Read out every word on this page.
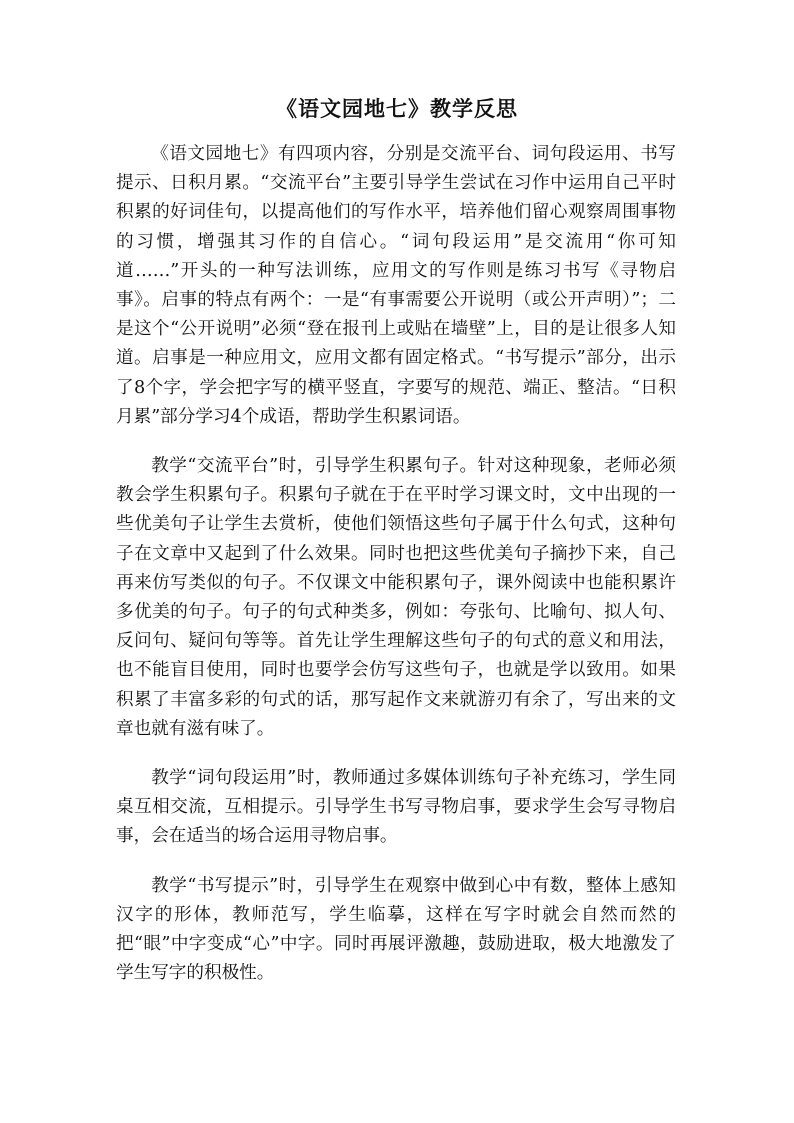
《语文园地七》教学反思

《语文园地七》有四项内容，分别是交流平台、词句段运用、书写提示、日积月累。“交流平台”主要引导学生尝试在习作中运用自己平时积累的好词佳句，以提高他们的写作水平，培养他们留心观察周围事物的习惯，增强其习作的自信心。“词句段运用”是交流用“你可知道……”开头的一种写法训练，应用文的写作则是练习书写《寻物启事》。启事的特点有两个：一是“有事需要公开说明（或公开声明）”；二是这个“公开说明”必须“登在报刊上或贴在墙壁”上，目的是让很多人知道。启事是一种应用文，应用文都有固定格式。“书写提示”部分，出示了8个字，学会把字写的横平竖直，字要写的规范、端正、整洁。“日积月累”部分学习4个成语，帮助学生积累词语。

教学“交流平台”时，引导学生积累句子。针对这种现象，老师必须教会学生积累句子。积累句子就在于在平时学习课文时，文中出现的一些优美句子让学生去赏析，使他们领悟这些句子属于什么句式，这种句子在文章中又起到了什么效果。同时也把这些优美句子摘抄下来，自己再来仿写类似的句子。不仅课文中能积累句子，课外阅读中也能积累许多优美的句子。句子的句式种类多，例如：夸张句、比喻句、拟人句、反问句、疑问句等等。首先让学生理解这些句子的句式的意义和用法，也不能盲目使用，同时也要学会仿写这些句子，也就是学以致用。如果积累了丰富多彩的句式的话，那写起作文来就游刃有余了，写出来的文章也就有滋有味了。

教学“词句段运用”时，教师通过多媒体训练句子补充练习，学生同桌互相交流，互相提示。引导学生书写寻物启事，要求学生会写寻物启事，会在适当的场合运用寻物启事。

教学“书写提示”时，引导学生在观察中做到心中有数，整体上感知汉字的形体，教师范写，学生临摹，这样在写字时就会自然而然的把“眼”中字变成“心”中字。同时再展评激趣，鼓励进取，极大地激发了学生写字的积极性。
